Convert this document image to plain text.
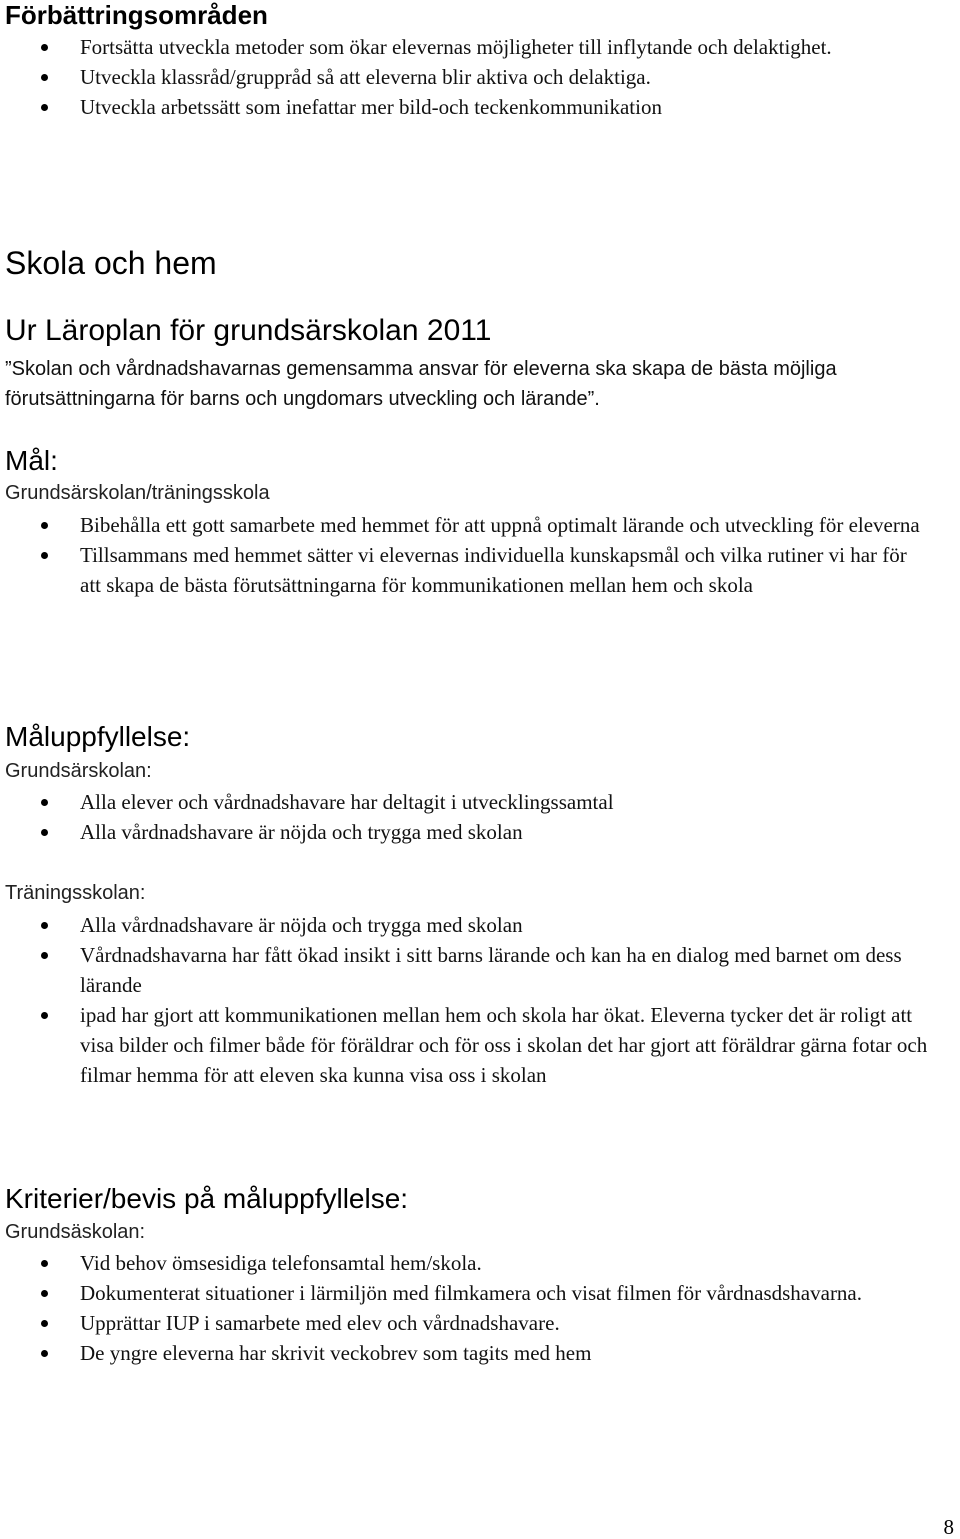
Förbättringsområden
Fortsätta utveckla metoder som ökar elevernas möjligheter till inflytande och delaktighet.
Utveckla klassråd/gruppråd så att eleverna blir aktiva och delaktiga.
Utveckla arbetssätt som inefattar mer bild-och teckenkommunikation
Skola och hem
Ur Läroplan för grundsärskolan 2011
”Skolan och vårdnadshavarnas gemensamma ansvar för eleverna ska skapa de bästa möjliga förutsättningarna för barns och ungdomars utveckling och lärande”.
Mål:
Grundsärskolan/träningsskola
Bibehålla ett gott samarbete med hemmet för att uppnå optimalt lärande och utveckling för eleverna
Tillsammans med hemmet sätter vi elevernas individuella kunskapsmål och vilka rutiner vi har för att skapa de bästa förutsättningarna för kommunikationen mellan hem och skola
Måluppfyllelse:
Grundsärskolan:
Alla elever och vårdnadshavare har deltagit i utvecklingssamtal
Alla vårdnadshavare är nöjda och trygga med skolan
Träningsskolan:
Alla vårdnadshavare är nöjda och trygga med skolan
Vårdnadshavarna har fått ökad insikt i sitt barns lärande och kan ha en dialog med barnet om dess lärande
ipad har gjort att kommunikationen mellan hem och skola har ökat. Eleverna tycker det är roligt att visa bilder och filmer både för föräldrar och för oss i skolan det har gjort att föräldrar gärna fotar och filmar hemma för att eleven ska kunna visa oss i skolan
Kriterier/bevis på måluppfyllelse:
Grundsäskolan:
Vid behov ömsesidiga telefonsamtal hem/skola.
Dokumenterat situationer i lärmiljön med filmkamera och visat filmen för vårdnasdshavarna.
Upprättar IUP i samarbete med elev och vårdnadshavare.
De yngre eleverna har skrivit veckobrev som tagits med hem
8
